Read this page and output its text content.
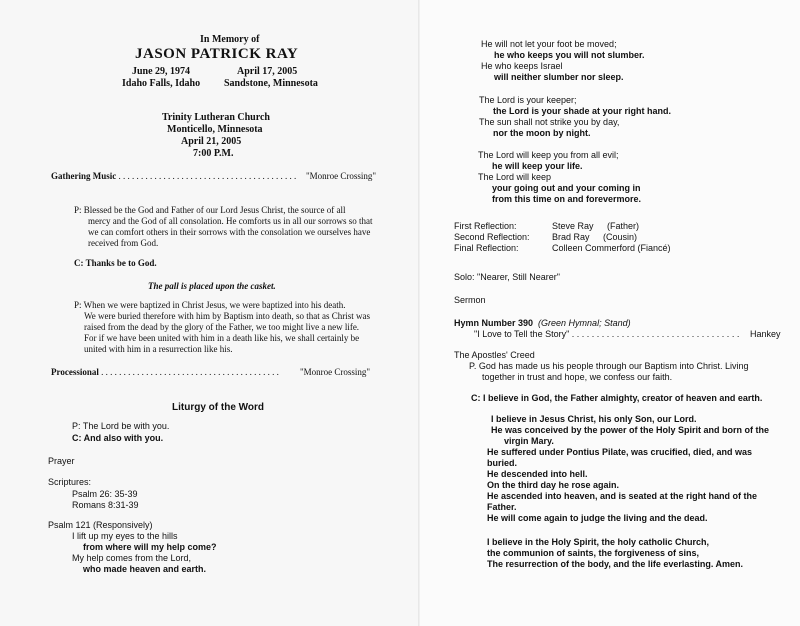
In Memory of
JASON PATRICK RAY
June 29, 1974	April 17, 2005
Idaho Falls, Idaho Sandstone, Minnesota
Trinity Lutheran Church
Monticello, Minnesota
April 21, 2005
7:00 P.M.
Gathering Music . . . . . . . . . . . . . . . . . . . . . . . . . . . . . . . . . . . . . . . . "Monroe Crossing"
P: Blessed be the God and Father of our Lord Jesus Christ, the source of all
mercy and the God of all consolation. He comforts us in all our sorrows so that
we can comfort others in their sorrows with the consolation we ourselves have
received from God.
C: Thanks be to God.
The pall is placed upon the casket.
P: When we were baptized in Christ Jesus, we were baptized into his death.
We were buried therefore with him by Baptism into death, so that as Christ was
raised from the dead by the glory of the Father, we too might live a new life.
For if we have been united with him in a death like his, we shall certainly be
united with him in a resurrection like his.
Processional . . . . . . . . . . . . . . . . . . . . . . . . . . . . . . . . . . . . . . . . "Monroe Crossing"
Liturgy of the Word
P: The Lord be with you.
C: And also with you.
Prayer
Scriptures:
Psalm 26: 35-39
Romans 8:31-39
Psalm 121 (Responsively)
I lift up my eyes to the hills
from where will my help come?
My help comes from the Lord,
who made heaven and earth.
He will not let your foot be moved;
he who keeps you will not slumber.
He who keeps Israel
will neither slumber nor sleep.
The Lord is your keeper;
the Lord is your shade at your right hand.
The sun shall not strike you by day,
nor the moon by night.
The Lord will keep you from all evil;
he will keep your life.
The Lord will keep
your going out and your coming in
from this time on and forevermore.
First Reflection:	Steve Ray (Father)
Second Reflection: Brad Ray (Cousin)
Final Reflection:	Colleen Commerford (Fiancé)
Solo: "Nearer, Still Nearer"
Sermon
Hymn Number 390 (Green Hymnal; Stand)
"I Love to Tell the Story" . . . . . . . . . . . . . . . . . . . . . . . . . . . . . . . . . . Hankey
The Apostles' Creed
P. God has made us his people through our Baptism into Christ. Living
together in trust and hope, we confess our faith.
C: I believe in God, the Father almighty, creator of heaven and earth.
I believe in Jesus Christ, his only Son, our Lord.
He was conceived by the power of the Holy Spirit and born of the
virgin Mary.
He suffered under Pontius Pilate, was crucified, died, and was
buried.
He descended into hell.
On the third day he rose again.
He ascended into heaven, and is seated at the right hand of the
Father.
He will come again to judge the living and the dead.
I believe in the Holy Spirit, the holy catholic Church,
the communion of saints, the forgiveness of sins,
The resurrection of the body, and the life everlasting. Amen.
